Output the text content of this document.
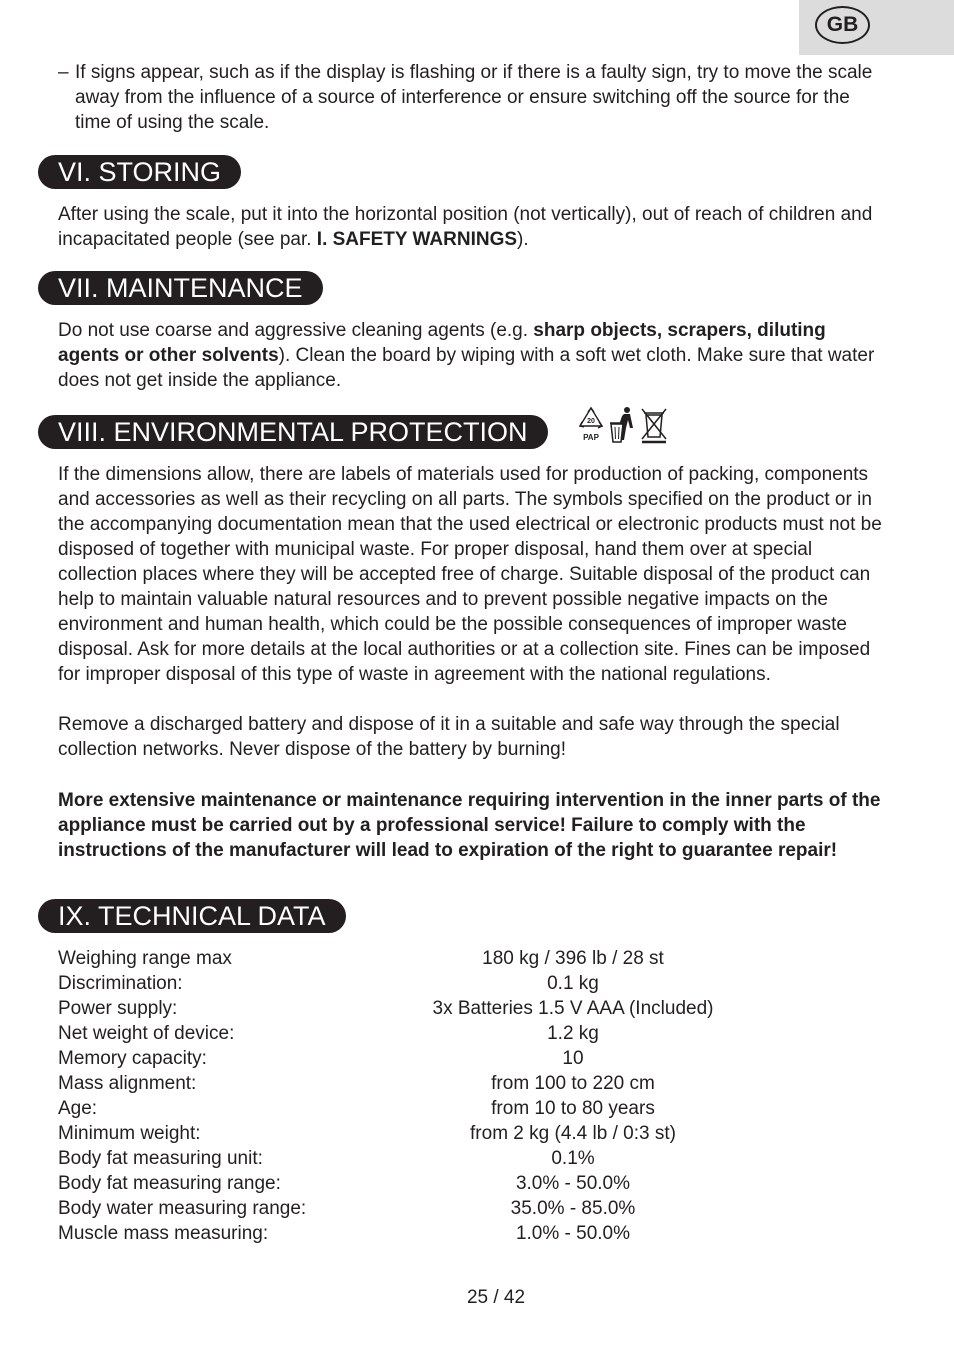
GB
– If signs appear, such as if the display is flashing or if there is a faulty sign, try to move the scale away from the influence of a source of interference or ensure switching off the source for the time of using the scale.
VI. STORING
After using the scale, put it into the horizontal position (not vertically), out of reach of children and incapacitated people (see par. I. SAFETY WARNINGS).
VII. MAINTENANCE
Do not use coarse and aggressive cleaning agents (e.g. sharp objects, scrapers, diluting agents or other solvents). Clean the board by wiping with a soft wet cloth. Make sure that water does not get inside the appliance.
VIII. ENVIRONMENTAL PROTECTION	20
PAP
If the dimensions allow, there are labels of materials used for production of packing, components and accessories as well as their recycling on all parts. The symbols specified on the product or in the accompanying documentation mean that the used electrical or electronic products must not be disposed of together with municipal waste. For proper disposal, hand them over at special collection places where they will be accepted free of charge. Suitable disposal of the product can help to maintain valuable natural resources and to prevent possible negative impacts on the environment and human health, which could be the possible consequences of improper waste disposal. Ask for more details at the local authorities or at a collection site. Fines can be imposed for improper disposal of this type of waste in agreement with the national regulations.
Remove a discharged battery and dispose of it in a suitable and safe way through the special collection networks. Never dispose of the battery by burning!
More extensive maintenance or maintenance requiring intervention in the inner parts of the appliance must be carried out by a professional service! Failure to comply with the instructions of the manufacturer will lead to expiration of the right to guarantee repair!
IX. TECHNICAL DATA
Weighing range max	180 kg / 396 lb / 28 st
Discrimination:	0.1 kg
Power supply:	3x Batteries 1.5 V AAA (Included)
Net weight of device:	1.2 kg
Memory capacity:	10
Mass alignment:	from 100 to 220 cm
Age:	from 10 to 80 years
Minimum weight:	from 2 kg (4.4 lb / 0:3 st)
Body fat measuring unit:	0.1%
Body fat measuring range:	3.0% - 50.0%
Body water measuring range:	35.0% - 85.0%
Muscle mass measuring:	1.0% - 50.0%
25 / 42
